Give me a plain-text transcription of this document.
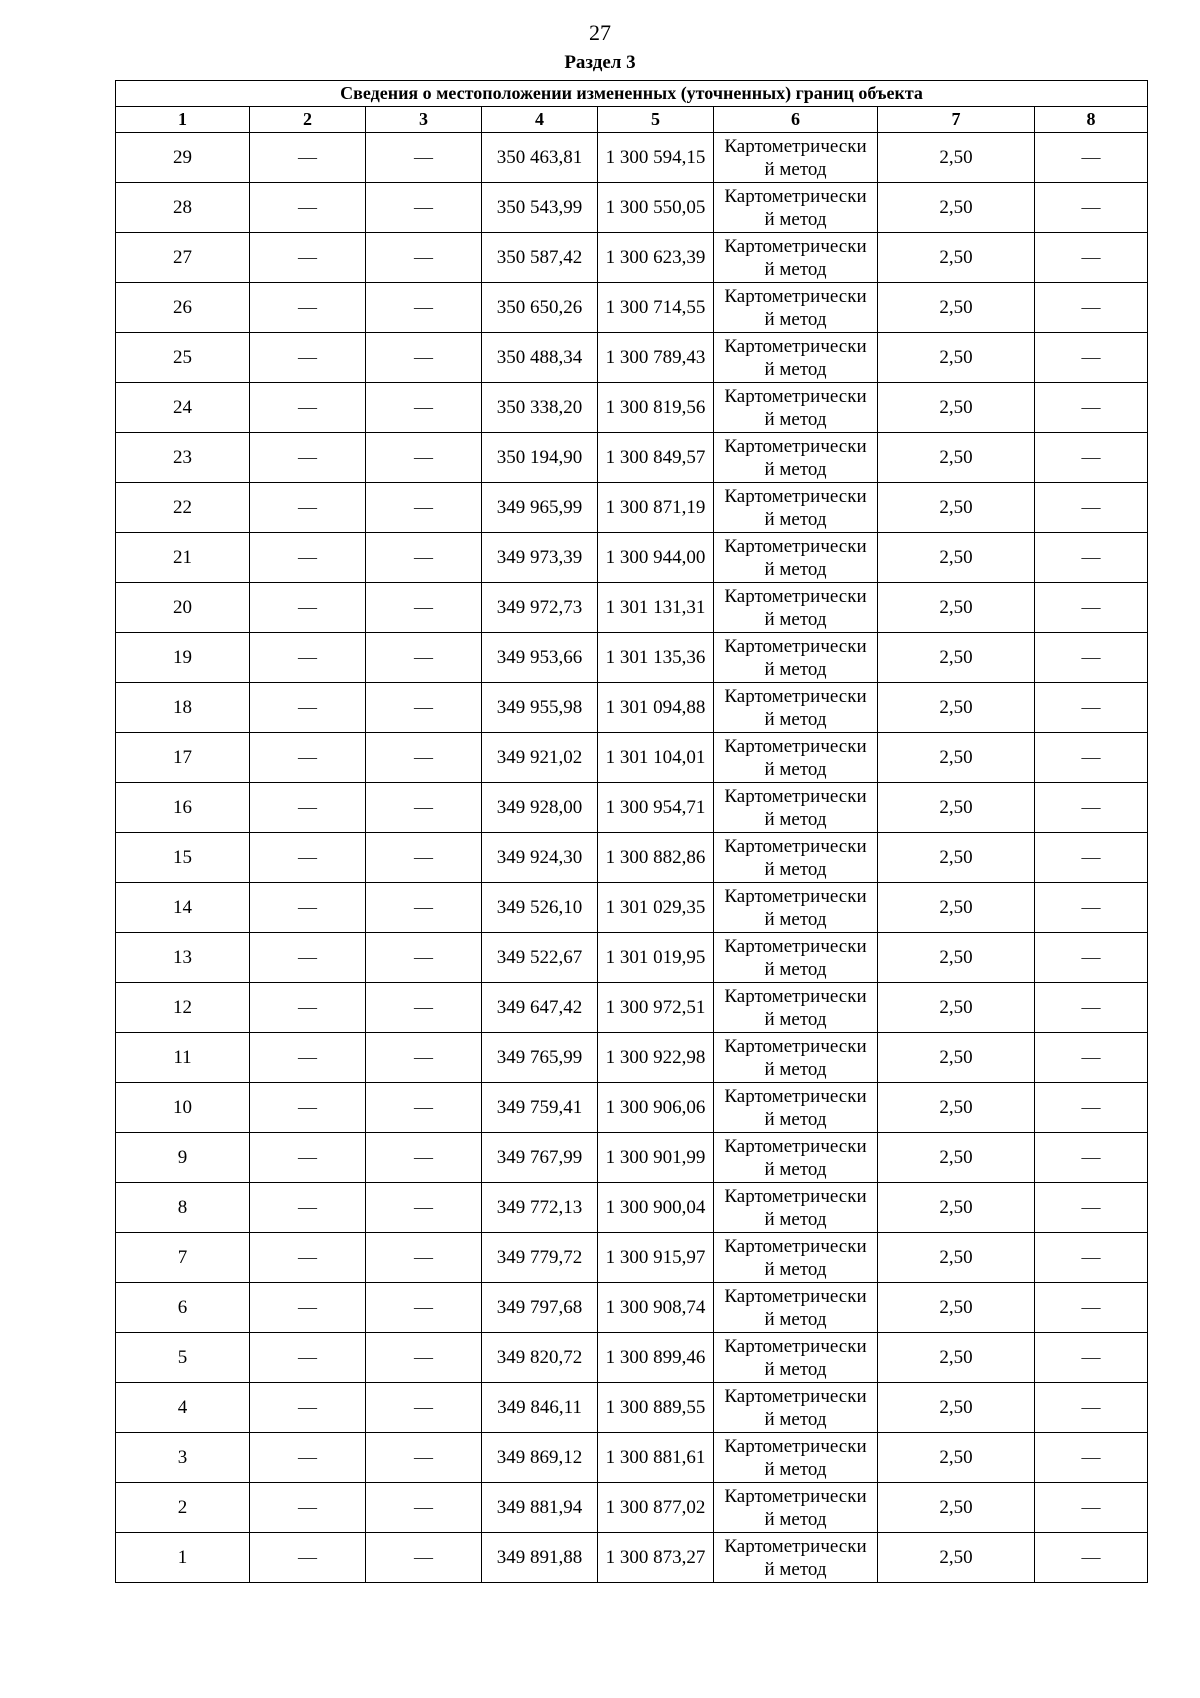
27
Раздел 3
Сведения о местоположении измененных (уточненных) границ объекта							
1	2	3	4	5	6	7	8
29	—	—	350 463,81	1 300 594,15	Картометрически
й метод	2,50	—
28	—	—	350 543,99	1 300 550,05	Картометрически
й метод	2,50	—
27	—	—	350 587,42	1 300 623,39	Картометрически
й метод	2,50	—
26	—	—	350 650,26	1 300 714,55	Картометрически
й метод	2,50	—
25	—	—	350 488,34	1 300 789,43	Картометрически
й метод	2,50	—
24	—	—	350 338,20	1 300 819,56	Картометрически
й метод	2,50	—
23	—	—	350 194,90	1 300 849,57	Картометрически
й метод	2,50	—
22	—	—	349 965,99	1 300 871,19	Картометрически
й метод	2,50	—
21	—	—	349 973,39	1 300 944,00	Картометрически
й метод	2,50	—
20	—	—	349 972,73	1 301 131,31	Картометрически
й метод	2,50	—
19	—	—	349 953,66	1 301 135,36	Картометрически
й метод	2,50	—
18	—	—	349 955,98	1 301 094,88	Картометрически
й метод	2,50	—
17	—	—	349 921,02	1 301 104,01	Картометрически
й метод	2,50	—
16	—	—	349 928,00	1 300 954,71	Картометрически
й метод	2,50	—
15	—	—	349 924,30	1 300 882,86	Картометрически
й метод	2,50	—
14	—	—	349 526,10	1 301 029,35	Картометрически
й метод	2,50	—
13	—	—	349 522,67	1 301 019,95	Картометрически
й метод	2,50	—
12	—	—	349 647,42	1 300 972,51	Картометрически
й метод	2,50	—
11	—	—	349 765,99	1 300 922,98	Картометрически
й метод	2,50	—
10	—	—	349 759,41	1 300 906,06	Картометрически
й метод	2,50	—
9	—	—	349 767,99	1 300 901,99	Картометрически
й метод	2,50	—
8	—	—	349 772,13	1 300 900,04	Картометрически
й метод	2,50	—
7	—	—	349 779,72	1 300 915,97	Картометрически
й метод	2,50	—
6	—	—	349 797,68	1 300 908,74	Картометрически
й метод	2,50	—
5	—	—	349 820,72	1 300 899,46	Картометрически
й метод	2,50	—
4	—	—	349 846,11	1 300 889,55	Картометрически
й метод	2,50	—
3	—	—	349 869,12	1 300 881,61	Картометрически
й метод	2,50	—
2	—	—	349 881,94	1 300 877,02	Картометрически
й метод	2,50	—
1	—	—	349 891,88	1 300 873,27	Картометрически
й метод	2,50	—
